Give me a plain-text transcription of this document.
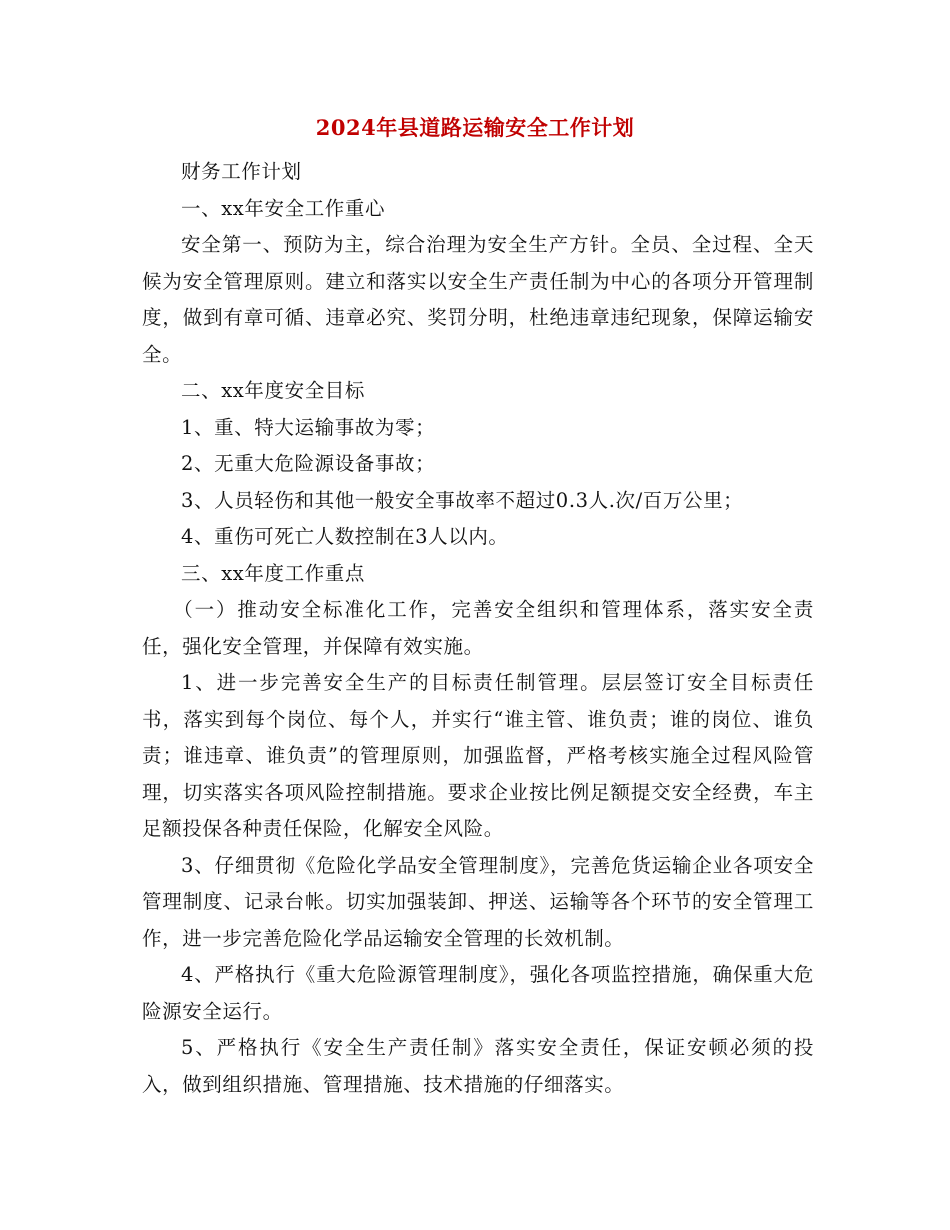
2024年县道路运输安全工作计划

财务工作计划

一、xx年安全工作重心

安全第一、预防为主，综合治理为安全生产方针。全员、全过程、全天候为安全管理原则。建立和落实以安全生产责任制为中心的各项分开管理制度，做到有章可循、违章必究、奖罚分明，杜绝违章违纪现象，保障运输安全。

二、xx年度安全目标

1、重、特大运输事故为零；

2、无重大危险源设备事故；

3、人员轻伤和其他一般安全事故率不超过0.3人.次/百万公里；

4、重伤可死亡人数控制在3人以内。

三、xx年度工作重点

（一）推动安全标准化工作，完善安全组织和管理体系，落实安全责任，强化安全管理，并保障有效实施。

1、进一步完善安全生产的目标责任制管理。层层签订安全目标责任书，落实到每个岗位、每个人，并实行“谁主管、谁负责；谁的岗位、谁负责；谁违章、谁负责”的管理原则，加强监督，严格考核实施全过程风险管理，切实落实各项风险控制措施。要求企业按比例足额提交安全经费，车主足额投保各种责任保险，化解安全风险。

3、仔细贯彻《危险化学品安全管理制度》，完善危货运输企业各项安全管理制度、记录台帐。切实加强装卸、押送、运输等各个环节的安全管理工作，进一步完善危险化学品运输安全管理的长效机制。

4、严格执行《重大危险源管理制度》，强化各项监控措施，确保重大危险源安全运行。

5、严格执行《安全生产责任制》落实安全责任，保证安顿必须的投入，做到组织措施、管理措施、技术措施的仔细落实。
